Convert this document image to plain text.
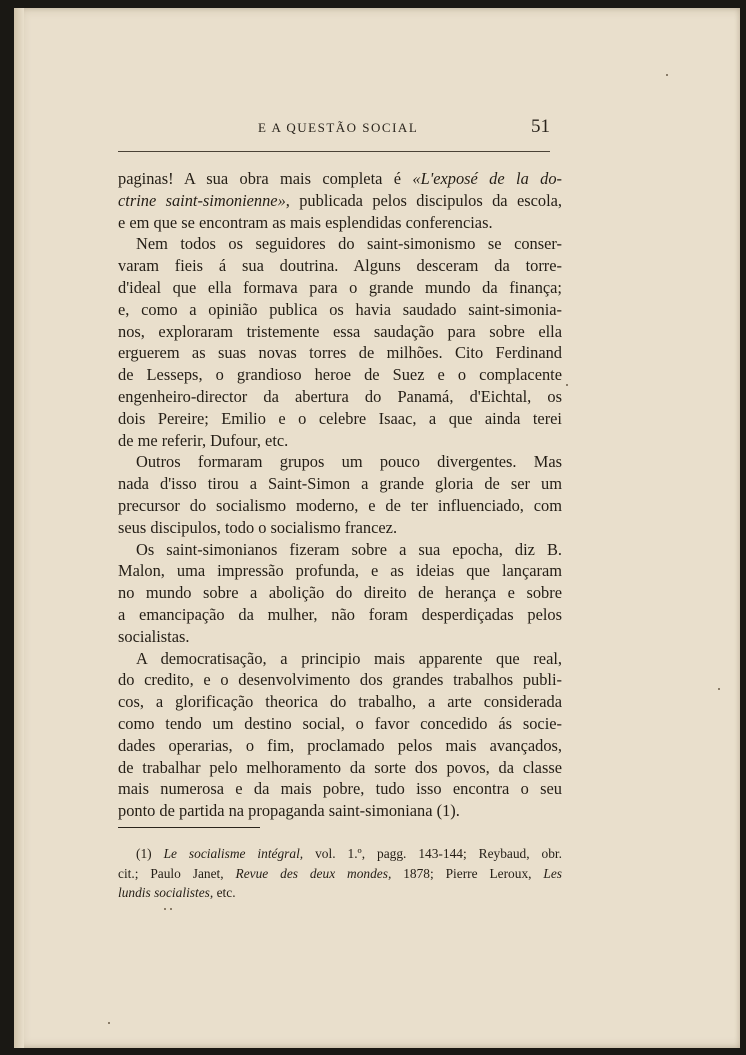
E A QUESTÃO SOCIAL	51
paginas! A sua obra mais completa é «L'exposé de la do-
ctrine saint-simonienne», publicada pelos discipulos da escola,
e em que se encontram as mais esplendidas conferencias.
Nem todos os seguidores do saint-simonismo se conser-
varam fieis á sua doutrina. Alguns desceram da torre-
d'ideal que ella formava para o grande mundo da finança;
e, como a opinião publica os havia saudado saint-simonia-
nos, exploraram tristemente essa saudação para sobre ella
erguerem as suas novas torres de milhões. Cito Ferdinand
de Lesseps, o grandioso heroe de Suez e o complacente
engenheiro-director da abertura do Panamá, d'Eichtal, os
dois Pereire; Emilio e o celebre Isaac, a que ainda terei
de me referir, Dufour, etc.
Outros formaram grupos um pouco divergentes. Mas
nada d'isso tirou a Saint-Simon a grande gloria de ser um
precursor do socialismo moderno, e de ter influenciado, com
seus discipulos, todo o socialismo francez.
Os saint-simonianos fizeram sobre a sua epocha, diz B.
Malon, uma impressão profunda, e as ideias que lançaram
no mundo sobre a abolição do direito de herança e sobre
a emancipação da mulher, não foram desperdiçadas pelos
socialistas.
A democratisação, a principio mais apparente que real,
do credito, e o desenvolvimento dos grandes trabalhos publi-
cos, a glorificação theorica do trabalho, a arte considerada
como tendo um destino social, o favor concedido ás socie-
dades operarias, o fim, proclamado pelos mais avançados,
de trabalhar pelo melhoramento da sorte dos povos, da classe
mais numerosa e da mais pobre, tudo isso encontra o seu
ponto de partida na propaganda saint-simoniana (1).
(1) Le socialisme intégral, vol. 1.º, pagg. 143-144; Reybaud, obr.
cit.; Paulo Janet, Revue des deux mondes, 1878; Pierre Leroux, Les
lundis socialistes, etc.
